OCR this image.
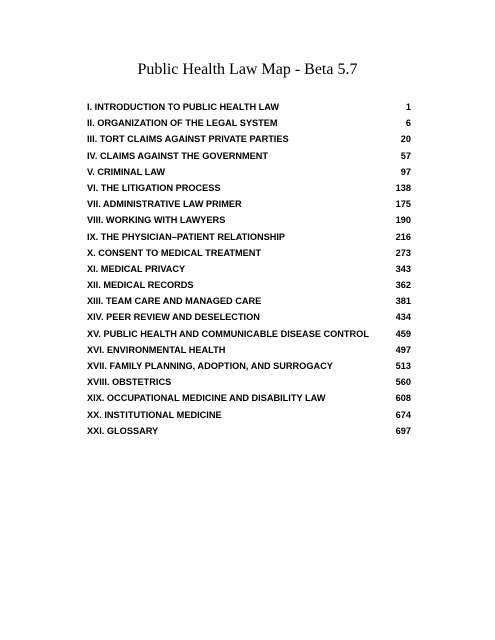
Public Health Law Map - Beta 5.7
I. INTRODUCTION TO PUBLIC HEALTH LAW	1
II. ORGANIZATION OF THE LEGAL SYSTEM	6
III. TORT CLAIMS AGAINST PRIVATE PARTIES	20
IV. CLAIMS AGAINST THE GOVERNMENT	57
V. CRIMINAL LAW	97
VI. THE LITIGATION PROCESS	138
VII. ADMINISTRATIVE LAW PRIMER	175
VIII. WORKING WITH LAWYERS	190
IX. THE PHYSICIAN–PATIENT RELATIONSHIP	216
X. CONSENT TO MEDICAL TREATMENT	273
XI. MEDICAL PRIVACY	343
XII. MEDICAL RECORDS	362
XIII. TEAM CARE AND MANAGED CARE	381
XIV. PEER REVIEW AND DESELECTION	434
XV. PUBLIC HEALTH AND COMMUNICABLE DISEASE CONTROL	459
XVI. ENVIRONMENTAL HEALTH	497
XVII. FAMILY PLANNING, ADOPTION, AND SURROGACY	513
XVIII. OBSTETRICS	560
XIX. OCCUPATIONAL MEDICINE AND DISABILITY LAW	608
XX. INSTITUTIONAL MEDICINE	674
XXI. GLOSSARY	697
